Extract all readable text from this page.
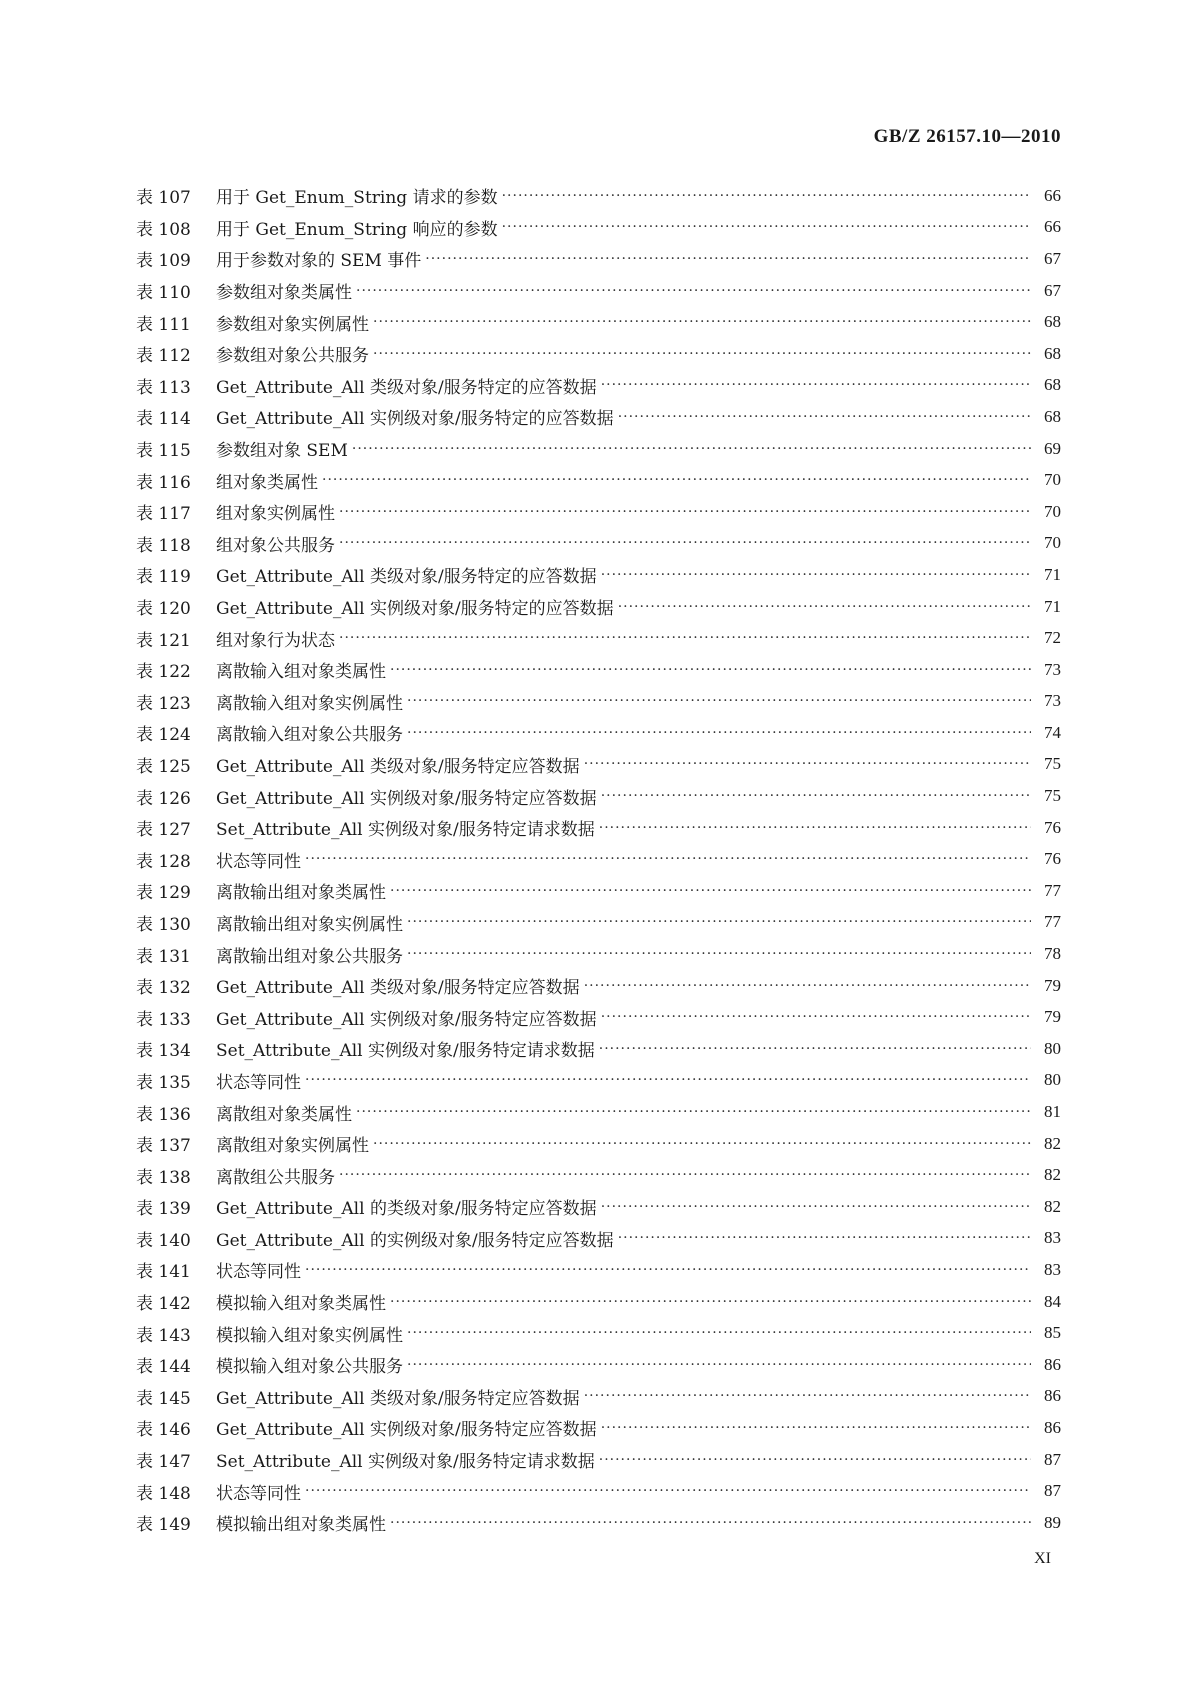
GB/Z 26157.10—2010
表 107	用于 Get_Enum_String 请求的参数 ·····	66
表 108	用于 Get_Enum_String 响应的参数 ·····	66
表 109	用于参数对象的 SEM 事件 ·····	67
表 110	参数组对象类属性 ·····	67
表 111	参数组对象实例属性 ·····	68
表 112	参数组对象公共服务 ·····	68
表 113	Get_Attribute_All 类级对象/服务特定的应答数据 ·····	68
表 114	Get_Attribute_All 实例级对象/服务特定的应答数据 ·····	68
表 115	参数组对象 SEM ·····	69
表 116	组对象类属性 ·····	70
表 117	组对象实例属性 ·····	70
表 118	组对象公共服务 ·····	70
表 119	Get_Attribute_All 类级对象/服务特定的应答数据 ·····	71
表 120	Get_Attribute_All 实例级对象/服务特定的应答数据 ·····	71
表 121	组对象行为状态 ·····	72
表 122	离散输入组对象类属性 ·····	73
表 123	离散输入组对象实例属性 ·····	73
表 124	离散输入组对象公共服务 ·····	74
表 125	Get_Attribute_All 类级对象/服务特定应答数据 ·····	75
表 126	Get_Attribute_All 实例级对象/服务特定应答数据 ·····	75
表 127	Set_Attribute_All 实例级对象/服务特定请求数据 ·····	76
表 128	状态等同性 ·····	76
表 129	离散输出组对象类属性 ·····	77
表 130	离散输出组对象实例属性 ·····	77
表 131	离散输出组对象公共服务 ·····	78
表 132	Get_Attribute_All 类级对象/服务特定应答数据 ·····	79
表 133	Get_Attribute_All 实例级对象/服务特定应答数据 ·····	79
表 134	Set_Attribute_All 实例级对象/服务特定请求数据 ·····	80
表 135	状态等同性 ·····	80
表 136	离散组对象类属性 ·····	81
表 137	离散组对象实例属性 ·····	82
表 138	离散组公共服务 ·····	82
表 139	Get_Attribute_All 的类级对象/服务特定应答数据 ·····	82
表 140	Get_Attribute_All 的实例级对象/服务特定应答数据 ·····	83
表 141	状态等同性 ·····	83
表 142	模拟输入组对象类属性 ·····	84
表 143	模拟输入组对象实例属性 ·····	85
表 144	模拟输入组对象公共服务 ·····	86
表 145	Get_Attribute_All 类级对象/服务特定应答数据 ·····	86
表 146	Get_Attribute_All 实例级对象/服务特定应答数据 ·····	86
表 147	Set_Attribute_All 实例级对象/服务特定请求数据 ·····	87
表 148	状态等同性 ·····	87
表 149	模拟输出组对象类属性 ·····	89
XI
